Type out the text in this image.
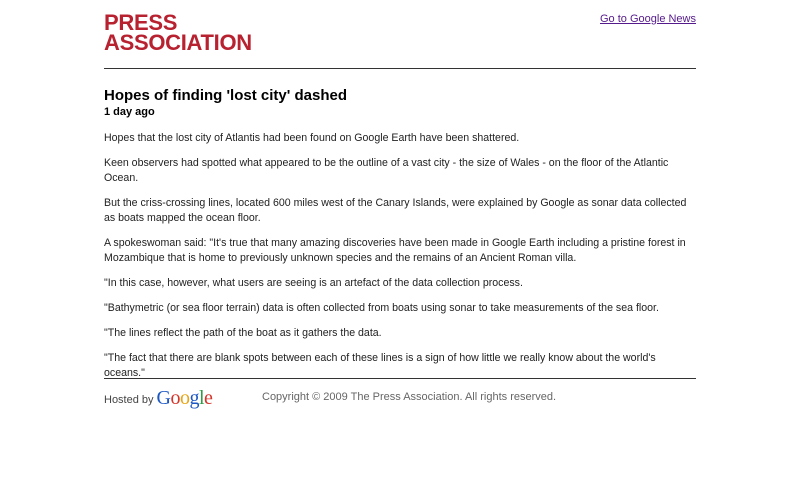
PRESS
ASSOCIATION
Go to Google News
Hopes of finding 'lost city' dashed
1 day ago

Hopes that the lost city of Atlantis had been found on Google Earth have been shattered.

Keen observers had spotted what appeared to be the outline of a vast city - the size of Wales - on the floor of the Atlantic Ocean.

But the criss-crossing lines, located 600 miles west of the Canary Islands, were explained by Google as sonar data collected as boats mapped the ocean floor.

A spokeswoman said: "It's true that many amazing discoveries have been made in Google Earth including a pristine forest in Mozambique that is home to previously unknown species and the remains of an Ancient Roman villa.

"In this case, however, what users are seeing is an artefact of the data collection process.

"Bathymetric (or sea floor terrain) data is often collected from boats using sonar to take measurements of the sea floor.

"The lines reflect the path of the boat as it gathers the data.

"The fact that there are blank spots between each of these lines is a sign of how little we really know about the world's oceans."

Hosted by Google	Copyright © 2009 The Press Association. All rights reserved.
